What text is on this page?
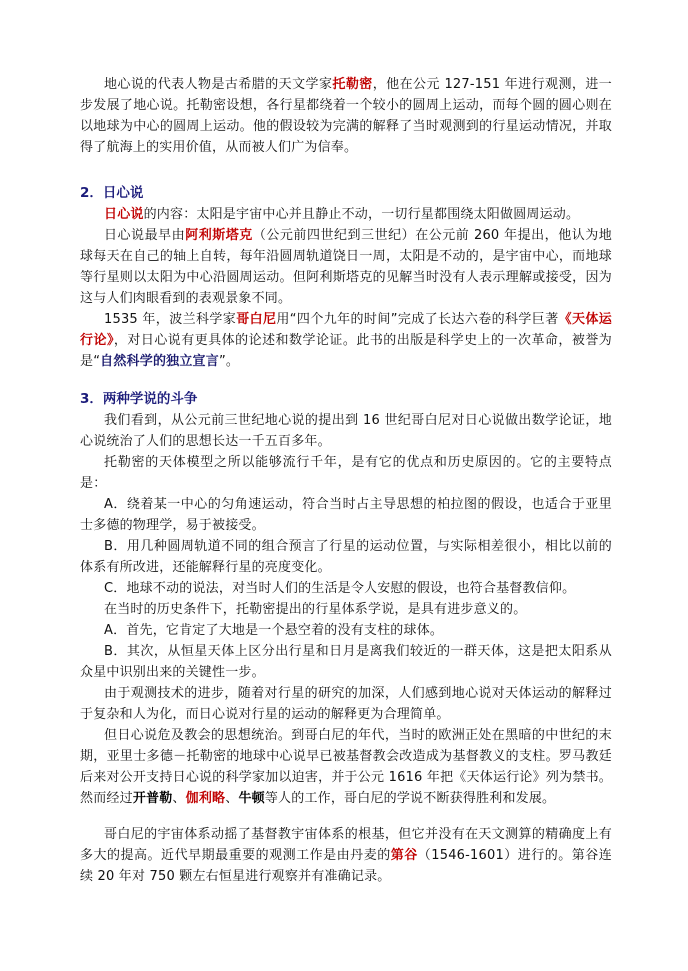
地心说的代表人物是古希腊的天文学家托勒密，他在公元 127-151 年进行观测，进一步发展了地心说。托勒密设想，各行星都绕着一个较小的圆周上运动，而每个圆的圆心则在以地球为中心的圆周上运动。他的假设较为完满的解释了当时观测到的行星运动情况，并取得了航海上的实用价值，从而被人们广为信奉。

2．日心说

日心说的内容：太阳是宇宙中心并且静止不动，一切行星都围绕太阳做圆周运动。

日心说最早由阿利斯塔克（公元前四世纪到三世纪）在公元前 260 年提出，他认为地球每天在自己的轴上自转，每年沿圆周轨道饶日一周，太阳是不动的，是宇宙中心，而地球等行星则以太阳为中心沿圆周运动。但阿利斯塔克的见解当时没有人表示理解或接受，因为这与人们肉眼看到的表观景象不同。

1535 年，波兰科学家哥白尼用“四个九年的时间”完成了长达六卷的科学巨著《天体运行论》，对日心说有更具体的论述和数学论证。此书的出版是科学史上的一次革命，被誉为是“自然科学的独立宣言”。

3．两种学说的斗争

我们看到，从公元前三世纪地心说的提出到 16 世纪哥白尼对日心说做出数学论证，地心说统治了人们的思想长达一千五百多年。

托勒密的天体模型之所以能够流行千年，是有它的优点和历史原因的。它的主要特点是：

A．绕着某一中心的匀角速运动，符合当时占主导思想的柏拉图的假设，也适合于亚里士多德的物理学，易于被接受。

B．用几种圆周轨道不同的组合预言了行星的运动位置，与实际相差很小，相比以前的体系有所改进，还能解释行星的亮度变化。

C．地球不动的说法，对当时人们的生活是令人安慰的假设，也符合基督教信仰。

在当时的历史条件下，托勒密提出的行星体系学说，是具有进步意义的。

A．首先，它肯定了大地是一个悬空着的没有支柱的球体。

B．其次，从恒星天体上区分出行星和日月是离我们较近的一群天体，这是把太阳系从众星中识别出来的关键性一步。

由于观测技术的进步，随着对行星的研究的加深，人们感到地心说对天体运动的解释过于复杂和人为化，而日心说对行星的运动的解释更为合理简单。

但日心说危及教会的思想统治。到哥白尼的年代，当时的欧洲正处在黑暗的中世纪的末期，亚里士多德－托勒密的地球中心说早已被基督教会改造成为基督教义的支柱。罗马教廷后来对公开支持日心说的科学家加以迫害，并于公元 1616 年把《天体运行论》列为禁书。然而经过开普勒、伽利略、牛顿等人的工作，哥白尼的学说不断获得胜利和发展。

哥白尼的宇宙体系动摇了基督教宇宙体系的根基，但它并没有在天文测算的精确度上有多大的提高。近代早期最重要的观测工作是由丹麦的第谷（1546-1601）进行的。第谷连续 20 年对 750 颗左右恒星进行观察并有准确记录。
